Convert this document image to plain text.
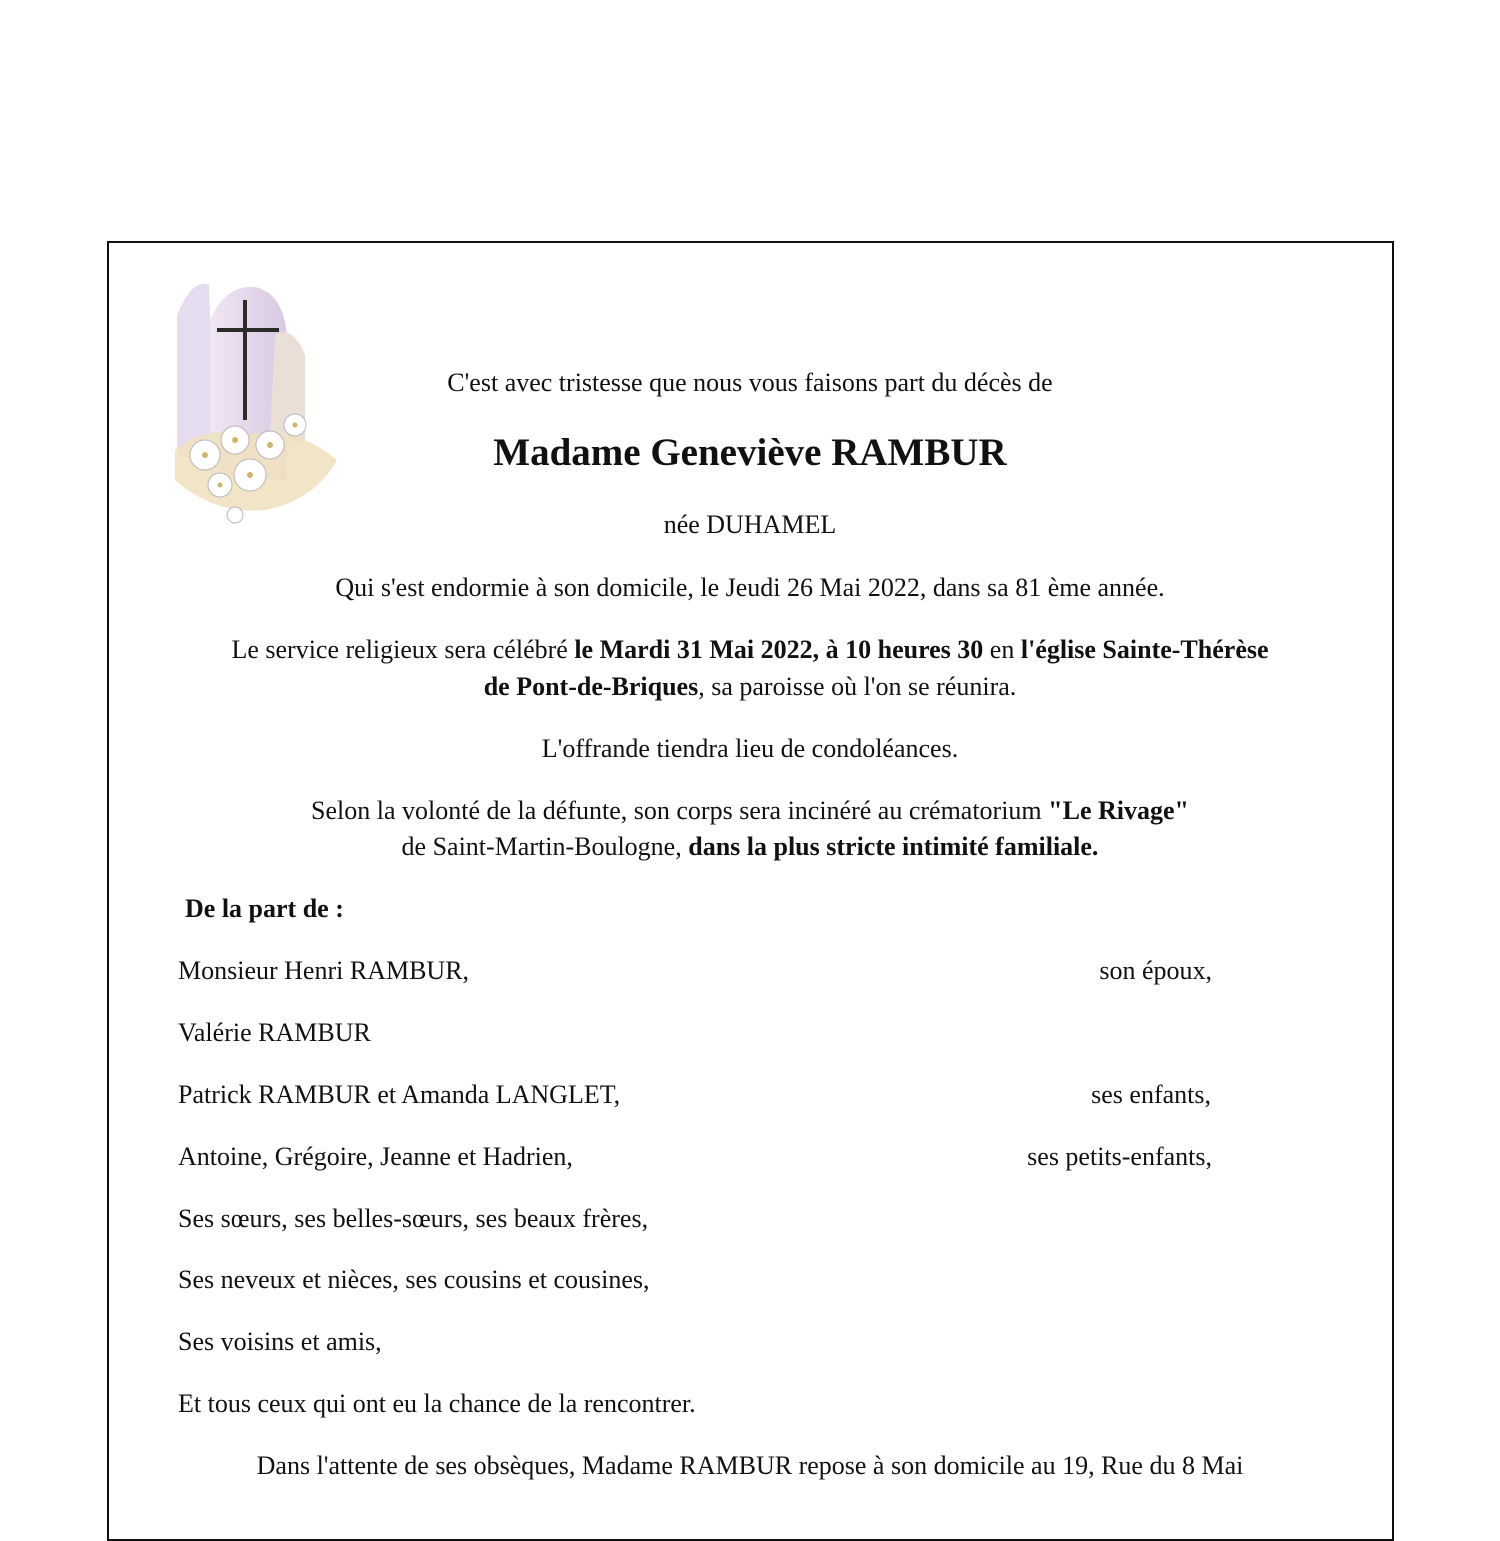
C'est avec tristesse que nous vous faisons part du décès de
Madame Geneviève RAMBUR
née DUHAMEL
Qui s'est endormie à son domicile, le Jeudi 26 Mai 2022, dans sa 81 ème année.
Le service religieux sera célébré le Mardi 31 Mai 2022, à 10 heures 30 en l'église Sainte-Thérèse
de Pont-de-Briques, sa paroisse où l'on se réunira.
L'offrande tiendra lieu de condoléances.
Selon la volonté de la défunte, son corps sera incinéré au crématorium "Le Rivage"
de Saint-Martin-Boulogne, dans la plus stricte intimité familiale.
De la part de :
Monsieur Henri RAMBUR,	son époux,
Valérie RAMBUR
Patrick RAMBUR et Amanda LANGLET,	ses enfants,
Antoine, Grégoire, Jeanne et Hadrien,	ses petits-enfants,
Ses sœurs, ses belles-sœurs, ses beaux frères,
Ses neveux et nièces, ses cousins et cousines,
Ses voisins et amis,
Et tous ceux qui ont eu la chance de la rencontrer.
Dans l'attente de ses obsèques, Madame RAMBUR repose à son domicile au 19, Rue du 8 Mai
